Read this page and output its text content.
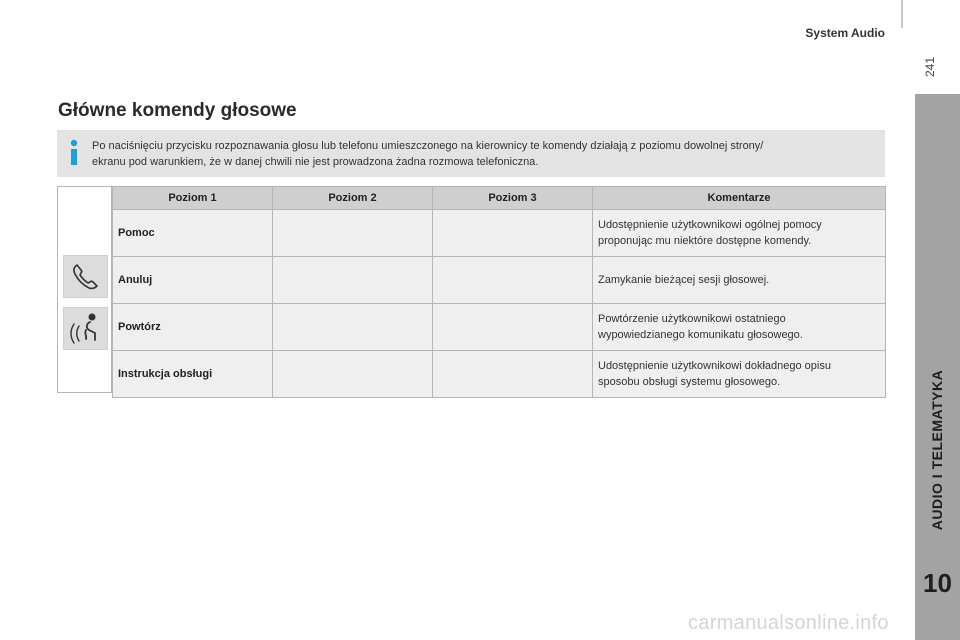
System Audio
241
AUDIO I TELEMATYKA
10
Główne komendy głosowe
Po naciśnięciu przycisku rozpoznawania głosu lub telefonu umieszczonego na kierownicy te komendy działają z poziomu dowolnej strony/
ekranu pod warunkiem, że w danej chwili nie jest prowadzona żadna rozmowa telefoniczna.
Poziom 1	Poziom 2	Poziom 3	Komentarze
Pomoc			Udostępnienie użytkownikowi ogólnej pomocy
proponując mu niektóre dostępne komendy.
Anuluj			Zamykanie bieżącej sesji głosowej.
Powtórz			Powtórzenie użytkownikowi ostatniego
wypowiedzianego komunikatu głosowego.
Instrukcja obsługi			Udostępnienie użytkownikowi dokładnego opisu
sposobu obsługi systemu głosowego.
carmanualsonline.info
